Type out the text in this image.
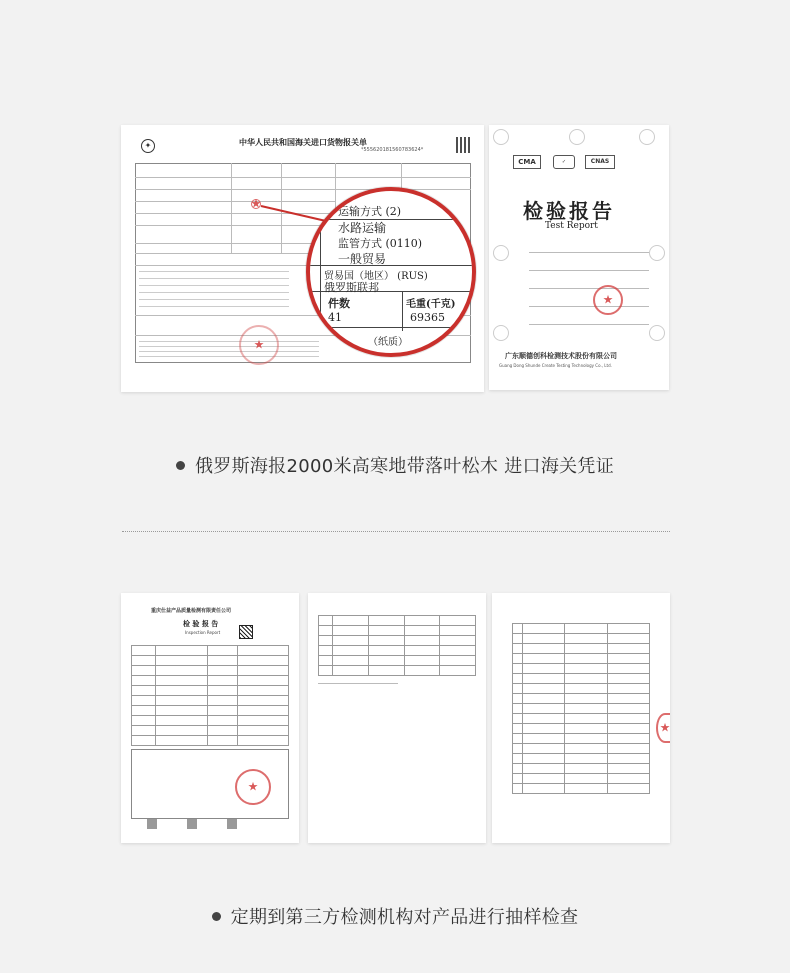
中华人民共和国海关进口货物报关单
*555620181560783624*
✦
★
★
运输方式 (2)
水路运输
监管方式 (0110)
一般贸易
贸易国（地区） (RUS)
俄罗斯联邦
件数
41
毛重(千克)
69365
（纸质）
CMA	✓	CNAS
检验报告
Test Report
★
广东顺德创科检测技术股份有限公司
Guang Dong Shunde Create Testing Technology Co., Ltd.
俄罗斯海报2000米高寒地带落叶松木 进口海关凭证
重庆仕益产品质量检测有限责任公司
检 验 报 告
Inspection Report

★

★
定期到第三方检测机构对产品进行抽样检查
